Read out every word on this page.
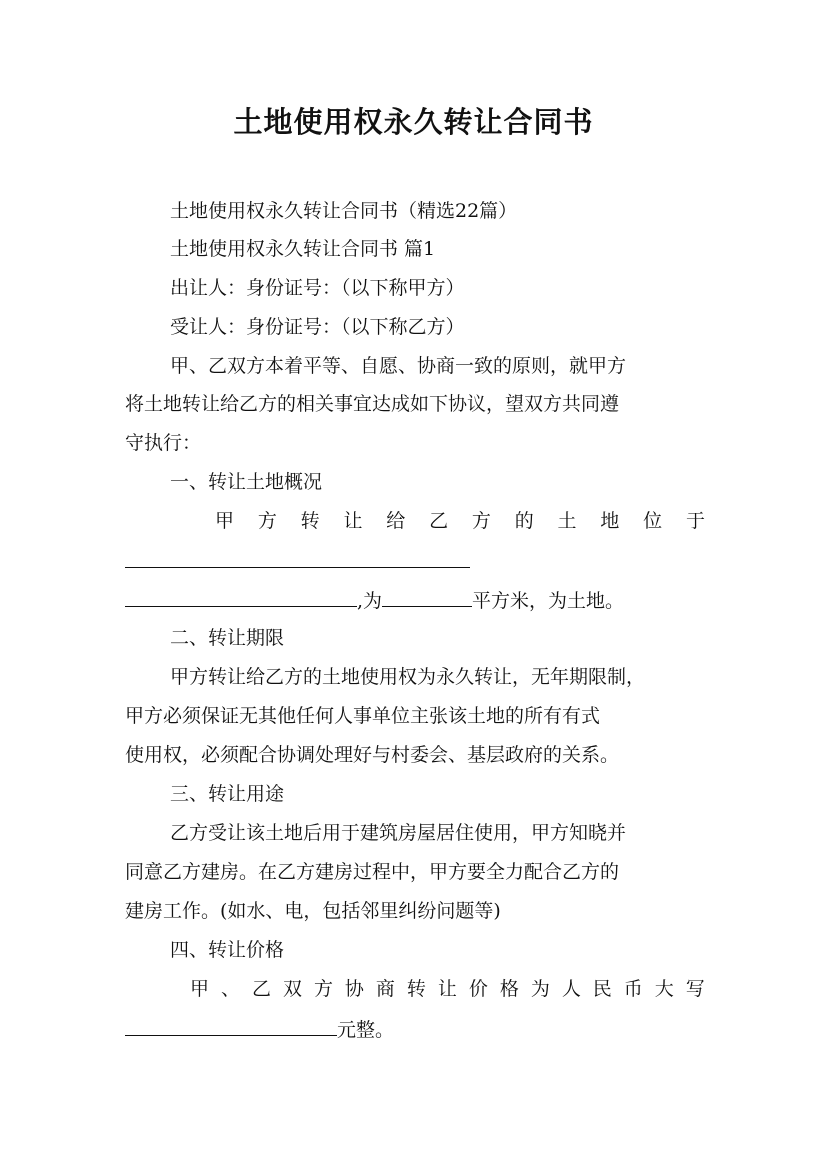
土地使用权永久转让合同书
土地使用权永久转让合同书（精选22篇）
土地使用权永久转让合同书 篇1
出让人：身份证号：（以下称甲方）
受让人：身份证号：（以下称乙方）
甲、乙双方本着平等、自愿、协商一致的原则，就甲方
将土地转让给乙方的相关事宜达成如下协议，望双方共同遵
守执行：
一、转让土地概况
甲 方 转 让 给 乙 方 的 土 地 位 于
,为	平方米，为土地。
二、转让期限
甲方转让给乙方的土地使用权为永久转让，无年期限制，
甲方必须保证无其他任何人事单位主张该土地的所有有式
使用权，必须配合协调处理好与村委会、基层政府的关系。
三、转让用途
乙方受让该土地后用于建筑房屋居住使用，甲方知晓并
同意乙方建房。在乙方建房过程中，甲方要全力配合乙方的
建房工作。(如水、电，包括邻里纠纷问题等)
四、转让价格
甲 、 乙 双 方 协 商 转 让 价 格 为 人 民 币 大 写
元整。
